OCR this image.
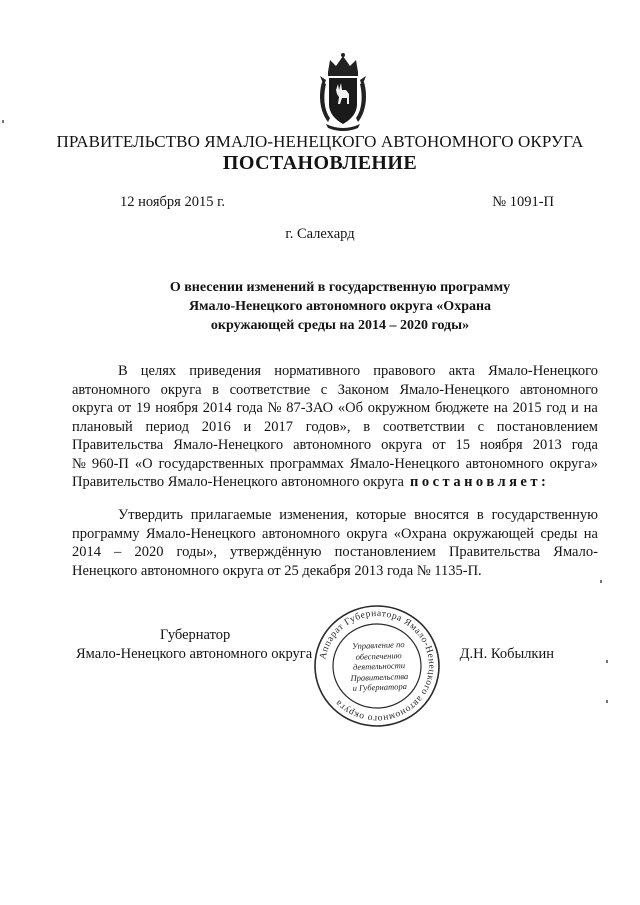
ПРАВИТЕЛЬСТВО ЯМАЛО-НЕНЕЦКОГО АВТОНОМНОГО ОКРУГА
ПОСТАНОВЛЕНИЕ
12 ноября 2015 г.	№ 1091-П
г. Салехард
О внесении изменений в государственную программу
Ямало-Ненецкого автономного округа «Охрана
окружающей среды на 2014 – 2020 годы»
В целях приведения нормативного правового акта Ямало-Ненецкого
автономного округа в соответствие с Законом Ямало-Ненецкого автономного
округа от 19 ноября 2014 года № 87-ЗАО «Об окружном бюджете на 2015 год и на
плановый период 2016 и 2017 годов», в соответствии с постановлением
Правительства Ямало-Ненецкого автономного округа от 15 ноября 2013 года
№ 960-П «О государственных программах Ямало-Ненецкого автономного округа»
Правительство Ямало-Ненецкого автономного округа постановляет:
Утвердить прилагаемые изменения, которые вносятся в государственную
программу Ямало-Ненецкого автономного округа «Охрана окружающей среды на
2014 – 2020 годы», утверждённую постановлением Правительства Ямало-
Ненецкого автономного округа от 25 декабря 2013 года № 1135-П.
Губернатор
Ямало-Ненецкого автономного округа	Д.Н. Кобылкин
Аппарат Губернатора Ямало-Ненецкого автономного округа
Управление по
обеспечению
деятельности
Правительства
и Губернатора
